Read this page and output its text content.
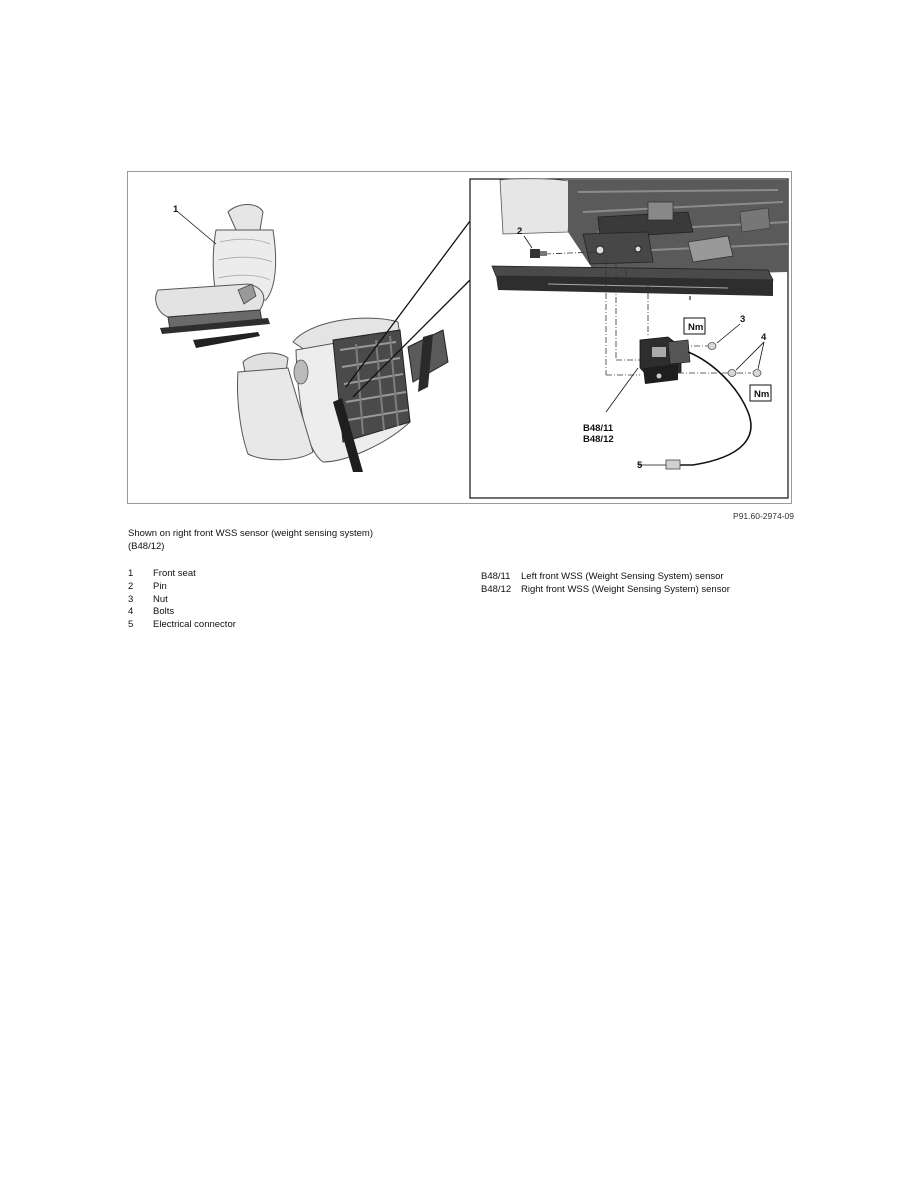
Nm
Nm
1
2
3
4
5
B48/11
B48/12
P91.60-2974-09
Shown on right front WSS sensor (weight sensing system)
(B48/12)
1 Front seat
2 Pin
3 Nut
4 Bolts
5 Electrical connector
B48/11 Left front WSS (Weight Sensing System) sensor
B48/12 Right front WSS (Weight Sensing System) sensor
